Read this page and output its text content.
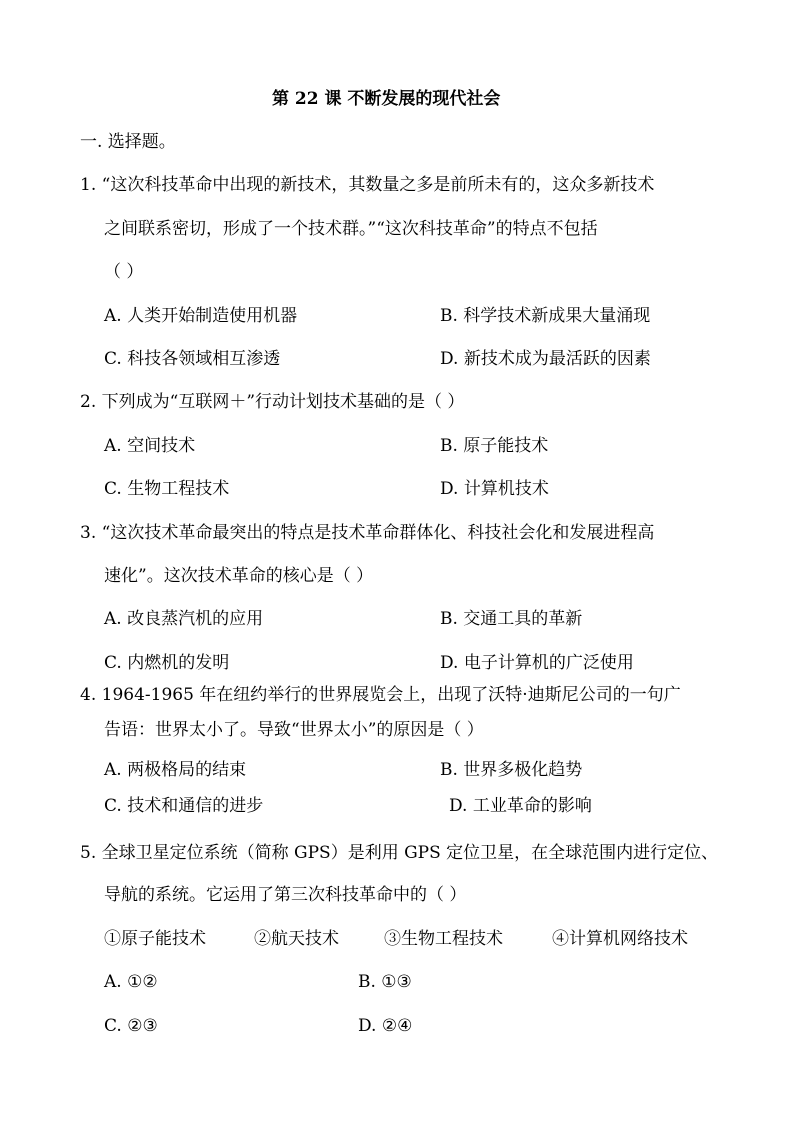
第 22 课 不断发展的现代社会
一. 选择题。
1. “这次科技革命中出现的新技术，其数量之多是前所未有的，这众多新技术
之间联系密切，形成了一个技术群。”“这次科技革命”的特点不包括
（ ）
A. 人类开始制造使用机器	B. 科学技术新成果大量涌现
C. 科技各领域相互渗透	D. 新技术成为最活跃的因素
2. 下列成为“互联网＋”行动计划技术基础的是（ ）
A. 空间技术	B. 原子能技术
C. 生物工程技术	D. 计算机技术
3. “这次技术革命最突出的特点是技术革命群体化、科技社会化和发展进程高
速化”。这次技术革命的核心是（ ）
A. 改良蒸汽机的应用	B. 交通工具的革新
C. 内燃机的发明	D. 电子计算机的广泛使用
4. 1964-1965 年在纽约举行的世界展览会上，出现了沃特·迪斯尼公司的一句广
告语：世界太小了。导致“世界太小”的原因是（ ）
A. 两极格局的结束	B. 世界多极化趋势
C. 技术和通信的进步	D. 工业革命的影响
5. 全球卫星定位系统（简称 GPS）是利用 GPS 定位卫星，在全球范围内进行定位、
导航的系统。它运用了第三次科技革命中的（ ）
①原子能技术	②航天技术	③生物工程技术	④计算机网络技术
A. ①②	B. ①③
C. ②③	D. ②④
